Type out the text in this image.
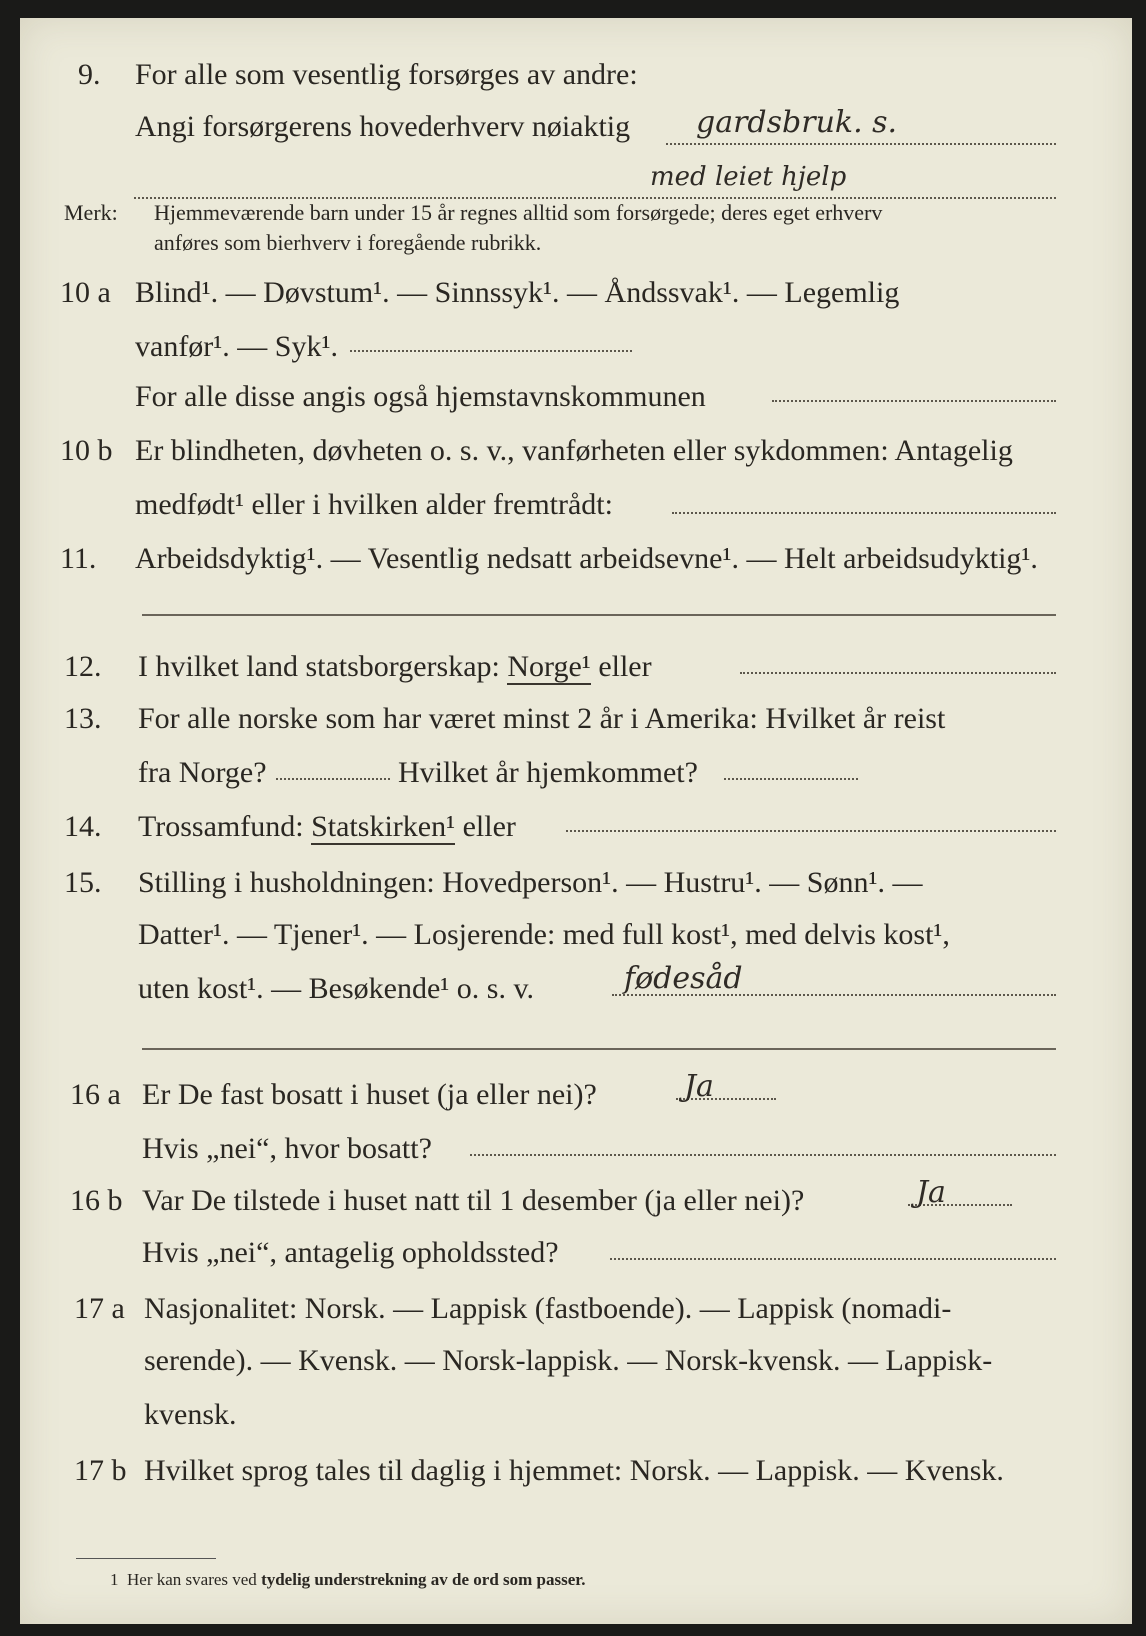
9. For alle som vesentlig forsørges av andre:
Angi forsørgerens hovederhverv nøiaktig gardsbruk. s.
med leiet hjelp
Merk: Hjemmeværende barn under 15 år regnes alltid som forsørgede; deres eget erhverv
anføres som bierhverv i foregående rubrikk.
10 a Blind¹. — Døvstum¹. — Sinnssyk¹. — Åndssvak¹. — Legemlig
vanfør¹. — Syk¹.
For alle disse angis også hjemstavnskommunen
10 b Er blindheten, døvheten o. s. v., vanførheten eller sykdommen: Antagelig
medfødt¹ eller i hvilken alder fremtrådt:
11. Arbeidsdyktig¹. — Vesentlig nedsatt arbeidsevne¹. — Helt arbeidsudyktig¹.
12. I hvilket land statsborgerskap: Norge¹ eller
13. For alle norske som har været minst 2 år i Amerika: Hvilket år reist
fra Norge?	Hvilket år hjemkommet?
14. Trossamfund: Statskirken¹ eller
15. Stilling i husholdningen: Hovedperson¹. — Hustru¹. — Sønn¹. —
Datter¹. — Tjener¹. — Losjerende: med full kost¹, med delvis kost¹,
uten kost¹. — Besøkende¹ o. s. v.	fødesåd
16 a Er De fast bosatt i huset (ja eller nei)?	Ja
Hvis „nei“, hvor bosatt?
16 b Var De tilstede i huset natt til 1 desember (ja eller nei)?	Ja
Hvis „nei“, antagelig opholdssted?
17 a Nasjonalitet: Norsk. — Lappisk (fastboende). — Lappisk (nomadi-
serende). — Kvensk. — Norsk-lappisk. — Norsk-kvensk. — Lappisk-
kvensk.
17 b Hvilket sprog tales til daglig i hjemmet: Norsk. — Lappisk. — Kvensk.
1 Her kan svares ved tydelig understrekning av de ord som passer.
